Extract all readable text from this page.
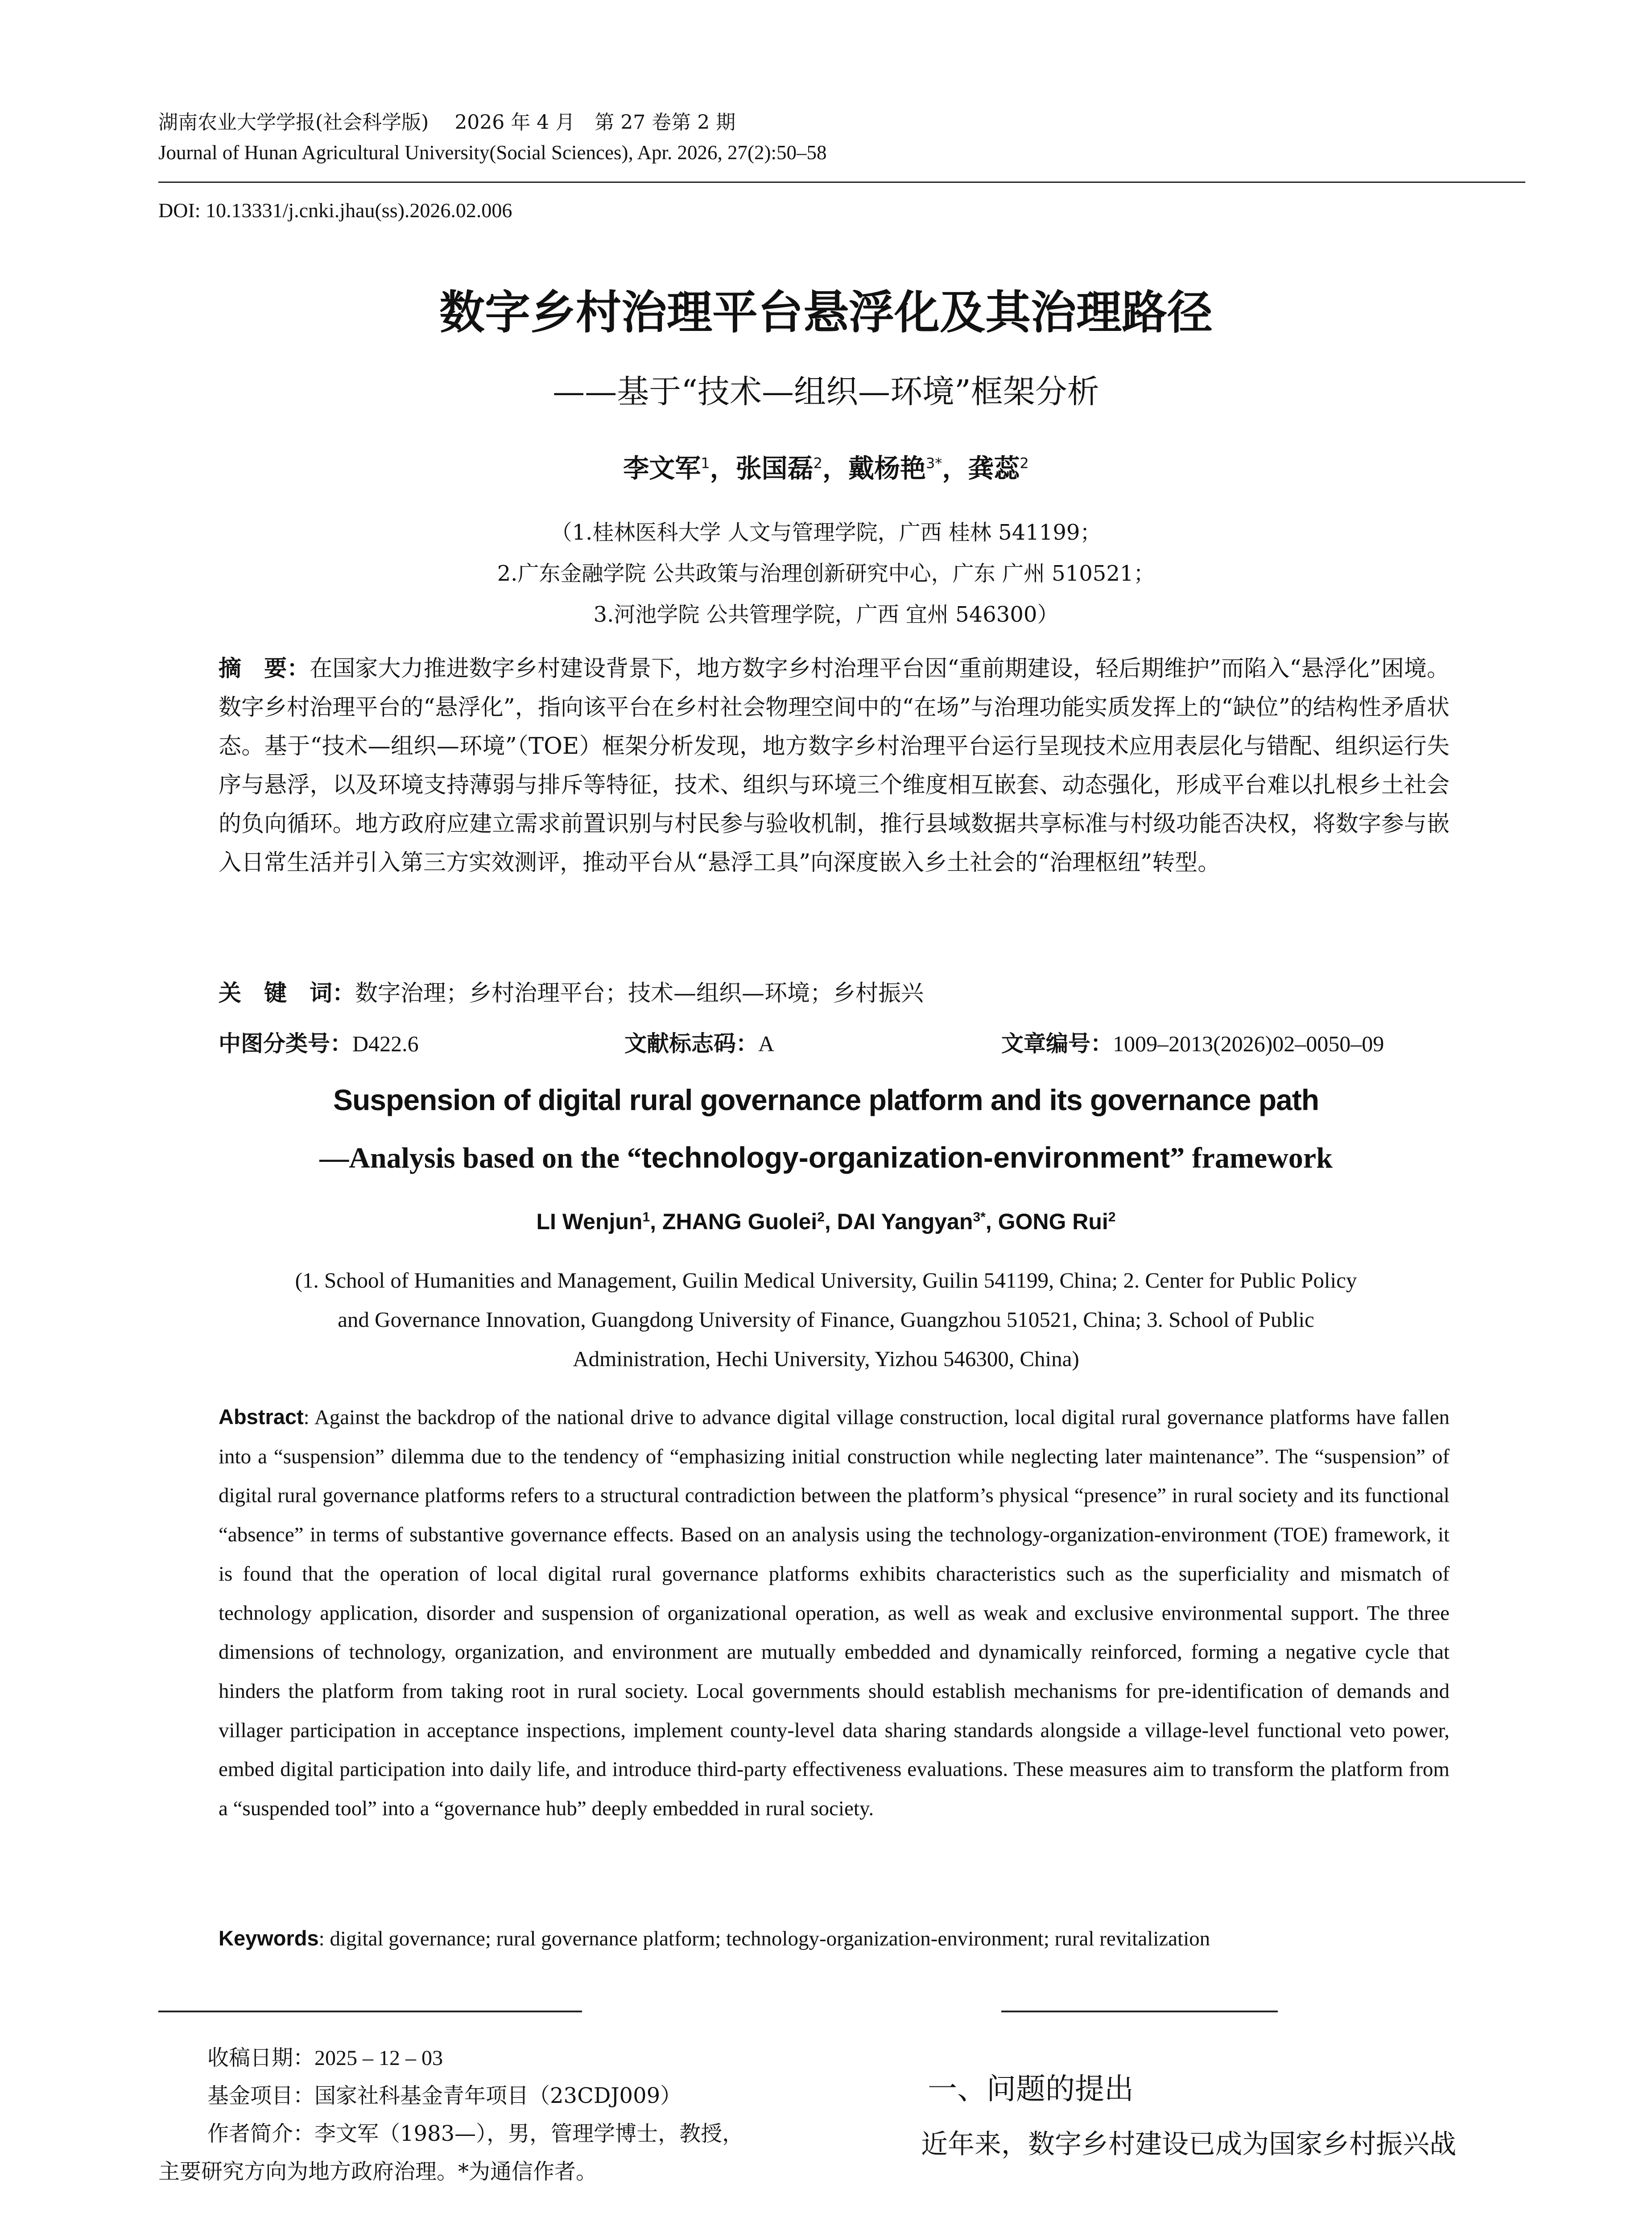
湖南农业大学学报(社会科学版)　 2026 年 4 月　第 27 卷第 2 期
Journal of Hunan Agricultural University(Social Sciences), Apr. 2026, 27(2):50–58
DOI: 10.13331/j.cnki.jhau(ss).2026.02.006
数字乡村治理平台悬浮化及其治理路径
——基于“技术—组织—环境”框架分析
李文军$^1$，张国磊$^2$，戴杨艳$^{3*}$，龚蕊$^2$
（1.桂林医科大学 人文与管理学院，广西 桂林 541199；
2.广东金融学院 公共政策与治理创新研究中心，广东 广州 510521；
3.河池学院 公共管理学院，广西 宜州 546300）
摘　要：在国家大力推进数字乡村建设背景下，地方数字乡村治理平台因“重前期建设，轻后期维护”而陷入“悬浮化”困境。数字乡村治理平台的“悬浮化”，指向该平台在乡村社会物理空间中的“在场”与治理功能实质发挥上的“缺位”的结构性矛盾状态。基于“技术—组织—环境”（TOE）框架分析发现，地方数字乡村治理平台运行呈现技术应用表层化与错配、组织运行失序与悬浮，以及环境支持薄弱与排斥等特征，技术、组织与环境三个维度相互嵌套、动态强化，形成平台难以扎根乡土社会的负向循环。地方政府应建立需求前置识别与村民参与验收机制，推行县域数据共享标准与村级功能否决权，将数字参与嵌入日常生活并引入第三方实效测评，推动平台从“悬浮工具”向深度嵌入乡土社会的“治理枢纽”转型。
关　键　词：数字治理；乡村治理平台；技术—组织—环境；乡村振兴
中图分类号：D422.6	文献标志码：A	文章编号：1009–2013(2026)02–0050–09
Suspension of digital rural governance platform and its governance path
—Analysis based on the “technology-organization-environment” framework
LI Wenjun$^1$, ZHANG Guolei$^2$, DAI Yangyan$^{3*}$, GONG Rui$^2$
(1. School of Humanities and Management, Guilin Medical University, Guilin 541199, China; 2. Center for Public Policy
and Governance Innovation, Guangdong University of Finance, Guangzhou 510521, China; 3. School of Public
Administration, Hechi University, Yizhou 546300, China)
Abstract: Against the backdrop of the national drive to advance digital village construction, local digital rural governance platforms have fallen into a “suspension” dilemma due to the tendency of “emphasizing initial construction while neglecting later maintenance”. The “suspension” of digital rural governance platforms refers to a structural contradiction between the platform’s physical “presence” in rural society and its functional “absence” in terms of substantive governance effects. Based on an analysis using the technology-organization-environment (TOE) framework, it is found that the operation of local digital rural governance platforms exhibits characteristics such as the superficiality and mismatch of technology application, disorder and suspension of organizational operation, as well as weak and exclusive environmental support. The three dimensions of technology, organization, and environment are mutually embedded and dynamically reinforced, forming a negative cycle that hinders the platform from taking root in rural society. Local governments should establish mechanisms for pre-identification of demands and villager participation in acceptance inspections, implement county-level data sharing standards alongside a village-level functional veto power, embed digital participation into daily life, and introduce third-party effectiveness evaluations. These measures aim to transform the platform from a “suspended tool” into a “governance hub” deeply embedded in rural society.
Keywords: digital governance; rural governance platform; technology-organization-environment; rural revitalization
收稿日期：2025 – 12 – 03
基金项目：国家社科基金青年项目（23CDJ009）
作者简介：李文军（1983—），男，管理学博士，教授，
主要研究方向为地方政府治理。*为通信作者。
一、问题的提出
近年来，数字乡村建设已成为国家乡村振兴战
